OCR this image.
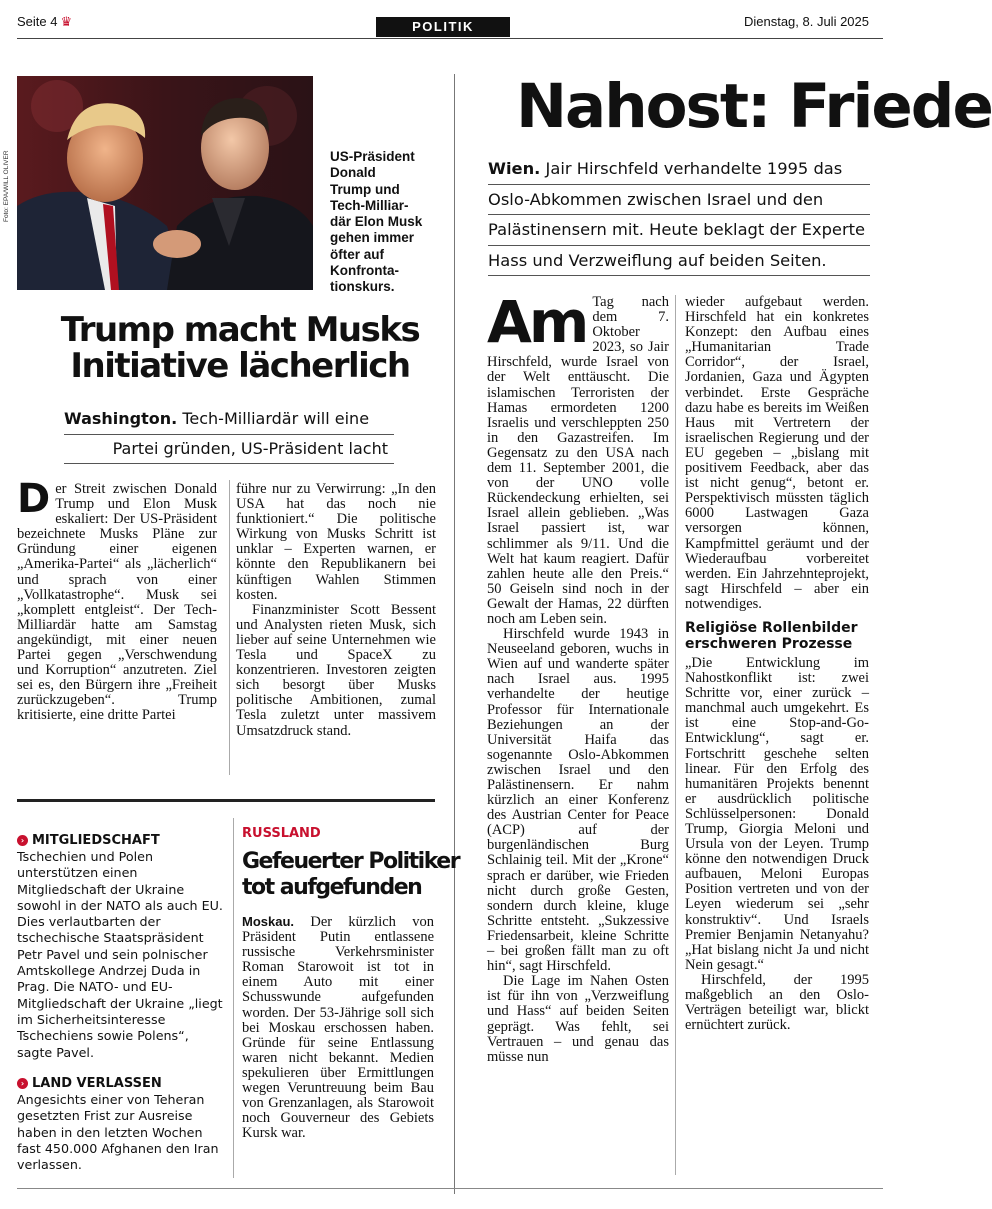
Seite 4 ♛	POLITIK	Dienstag, 8. Juli 2025
Foto: EPA/WILL OLIVER	US-Präsident
Donald
Trump und
Tech-Milliar-
där Elon Musk
gehen immer
öfter auf
Konfronta-
tionskurs.
Trump macht Musks
Initiative lächerlich
Washington. Tech-Milliardär will eine
Partei gründen, US-Präsident lacht

Der Streit zwischen Donald Trump und Elon Musk eskaliert: Der US-Präsident bezeichnete Musks Pläne zur Gründung einer eigenen „Amerika-Partei“ als „lächerlich“ und sprach von einer „Vollkatastrophe“. Musk sei „komplett entgleist“. Der Tech-Milliardär hatte am Samstag angekündigt, mit einer neuen Partei gegen „Verschwendung und Korruption“ anzutreten. Ziel sei es, den Bürgern ihre „Freiheit zurückzugeben“. Trump kritisierte, eine dritte Partei

führe nur zu Verwirrung: „In den USA hat das noch nie funktioniert.“ Die politische Wirkung von Musks Schritt ist unklar – Experten warnen, er könnte den Republikanern bei künftigen Wahlen Stimmen kosten.

Finanzminister Scott Bessent und Analysten rieten Musk, sich lieber auf seine Unternehmen wie Tesla und SpaceX zu konzentrieren. Investoren zeigten sich besorgt über Musks politische Ambitionen, zumal Tesla zuletzt unter massivem Umsatzdruck stand.

› MITGLIEDSCHAFT
Tschechien und Polen unterstützen einen Mitgliedschaft der Ukraine sowohl in der NATO als auch EU. Dies verlautbarten der tschechische Staatspräsident Petr Pavel und sein polnischer Amtskollege Andrzej Duda in Prag. Die NATO- und EU-Mitgliedschaft der Ukraine „liegt im Sicherheitsinteresse Tschechiens sowie Polens“, sagte Pavel.
› LAND VERLASSEN
Angesichts einer von Teheran gesetzten Frist zur Ausreise haben in den letzten Wochen fast 450.000 Afghanen den Iran verlassen.
RUSSLAND
Gefeuerter Politiker
tot aufgefunden

Moskau. Der kürzlich von Präsident Putin entlassene russische Verkehrsminister Roman Starowoit ist tot in einem Auto mit einer Schusswunde aufgefunden worden. Der 53-Jährige soll sich bei Moskau erschossen haben. Gründe für seine Entlassung waren nicht bekannt. Medien spekulieren über Ermittlungen wegen Veruntreuung beim Bau von Grenzanlagen, als Starowoit noch Gouverneur des Gebiets Kursk war.

Nahost: Friede
Wien. Jair Hirschfeld verhandelte 1995 das
Oslo-Abkommen zwischen Israel und den
Palästinensern mit. Heute beklagt der Experte
Hass und Verzweiflung auf beiden Seiten.

Am Tag nach dem 7. Oktober 2023, so Jair Hirschfeld, wurde Israel von der Welt enttäuscht. Die islamischen Terroristen der Hamas ermordeten 1200 Israelis und verschleppten 250 in den Gazastreifen. Im Gegensatz zu den USA nach dem 11. September 2001, die von der UNO volle Rückendeckung erhielten, sei Israel allein geblieben. „Was Israel passiert ist, war schlimmer als 9/11. Und die Welt hat kaum reagiert. Dafür zahlen heute alle den Preis.“ 50 Geiseln sind noch in der Gewalt der Hamas, 22 dürften noch am Leben sein.

Hirschfeld wurde 1943 in Neuseeland geboren, wuchs in Wien auf und wanderte später nach Israel aus. 1995 verhandelte der heutige Professor für Internationale Beziehungen an der Universität Haifa das sogenannte Oslo-Abkommen zwischen Israel und den Palästinensern. Er nahm kürzlich an einer Konferenz des Austrian Center for Peace (ACP) auf der burgenländischen Burg Schlainig teil. Mit der „Krone“ sprach er darüber, wie Frieden nicht durch große Gesten, sondern durch kleine, kluge Schritte entsteht. „Sukzessive Friedensarbeit, kleine Schritte – bei großen fällt man zu oft hin“, sagt Hirschfeld.

Die Lage im Nahen Osten ist für ihn von „Verzweiflung und Hass“ auf beiden Seiten geprägt. Was fehlt, sei Vertrauen – und genau das müsse nun

wieder aufgebaut werden. Hirschfeld hat ein konkretes Konzept: den Aufbau eines „Humanitarian Trade Corridor“, der Israel, Jordanien, Gaza und Ägypten verbindet. Erste Gespräche dazu habe es bereits im Weißen Haus mit Vertretern der israelischen Regierung und der EU gegeben – „bislang mit positivem Feedback, aber das ist nicht genug“, betont er. Perspektivisch müssten täglich 6000 Lastwagen Gaza versorgen können, Kampfmittel geräumt und der Wiederaufbau vorbereitet werden. Ein Jahrzehnteprojekt, sagt Hirschfeld – aber ein notwendiges.

Religiöse Rollenbilder
erschweren Prozesse

„Die Entwicklung im Nahostkonflikt ist: zwei Schritte vor, einer zurück – manchmal auch umgekehrt. Es ist eine Stop-and-Go-Entwicklung“, sagt er. Fortschritt geschehe selten linear. Für den Erfolg des humanitären Projekts benennt er ausdrücklich politische Schlüsselpersonen: Donald Trump, Giorgia Meloni und Ursula von der Leyen. Trump könne den notwendigen Druck aufbauen, Meloni Europas Position vertreten und von der Leyen wiederum sei „sehr konstruktiv“. Und Israels Premier Benjamin Netanyahu? „Hat bislang nicht Ja und nicht Nein gesagt.“

Hirschfeld, der 1995 maßgeblich an den Oslo-Verträgen beteiligt war, blickt ernüchtert zurück.
